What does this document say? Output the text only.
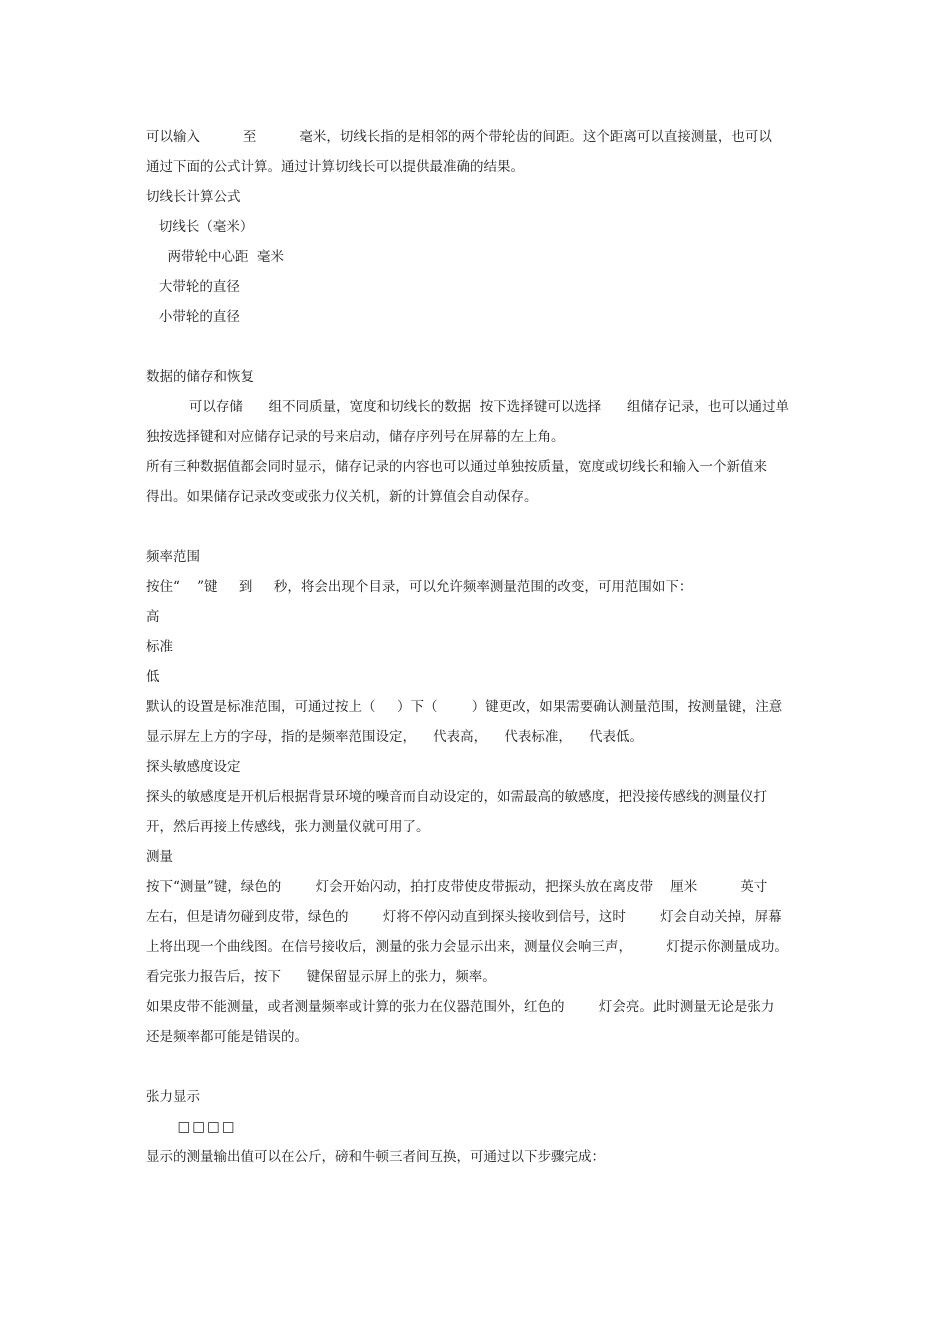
可以输入          至          毫米，切线长指的是相邻的两个带轮齿的间距。这个距离可以直接测量，也可以
通过下面的公式计算。通过计算切线长可以提供最准确的结果。
切线长计算公式
切线长（毫米）
两带轮中心距  毫米
大带轮的直径
小带轮的直径
数据的储存和恢复
可以存储      组不同质量，宽度和切线长的数据  按下选择键可以选择      组储存记录，也可以通过单
独按选择键和对应储存记录的号来启动，储存序列号在屏幕的左上角。
所有三种数据值都会同时显示，储存记录的内容也可以通过单独按质量，宽度或切线长和输入一个新值来
得出。如果储存记录改变或张力仪关机，新的计算值会自动保存。
频率范围
按住“    ”键     到     秒，将会出现个目录，可以允许频率测量范围的改变，可用范围如下：
高
标准
低
默认的设置是标准范围，可通过按上（     ）下（        ）键更改，如果需要确认测量范围，按测量键，注意
显示屏左上方的字母，指的是频率范围设定，    代表高，    代表标准，    代表低。
探头敏感度设定
探头的敏感度是开机后根据背景环境的噪音而自动设定的，如需最高的敏感度，把没接传感线的测量仪打
开，然后再接上传感线，张力测量仪就可用了。
测量
按下“测量”键，绿色的        灯会开始闪动，拍打皮带使皮带振动，把探头放在离皮带    厘米          英寸
左右，但是请勿碰到皮带，绿色的        灯将不停闪动直到探头接收到信号，这时        灯会自动关掉，屏幕
上将出现一个曲线图。在信号接收后，测量的张力会显示出来，测量仪会响三声，        灯提示你测量成功。
看完张力报告后，按下      键保留显示屏上的张力，频率。
如果皮带不能测量，或者测量频率或计算的张力在仪器范围外，红色的        灯会亮。此时测量无论是张力
还是频率都可能是错误的。
张力显示
□□□□
显示的测量输出值可以在公斤，磅和牛顿三者间互换，可通过以下步骤完成：
